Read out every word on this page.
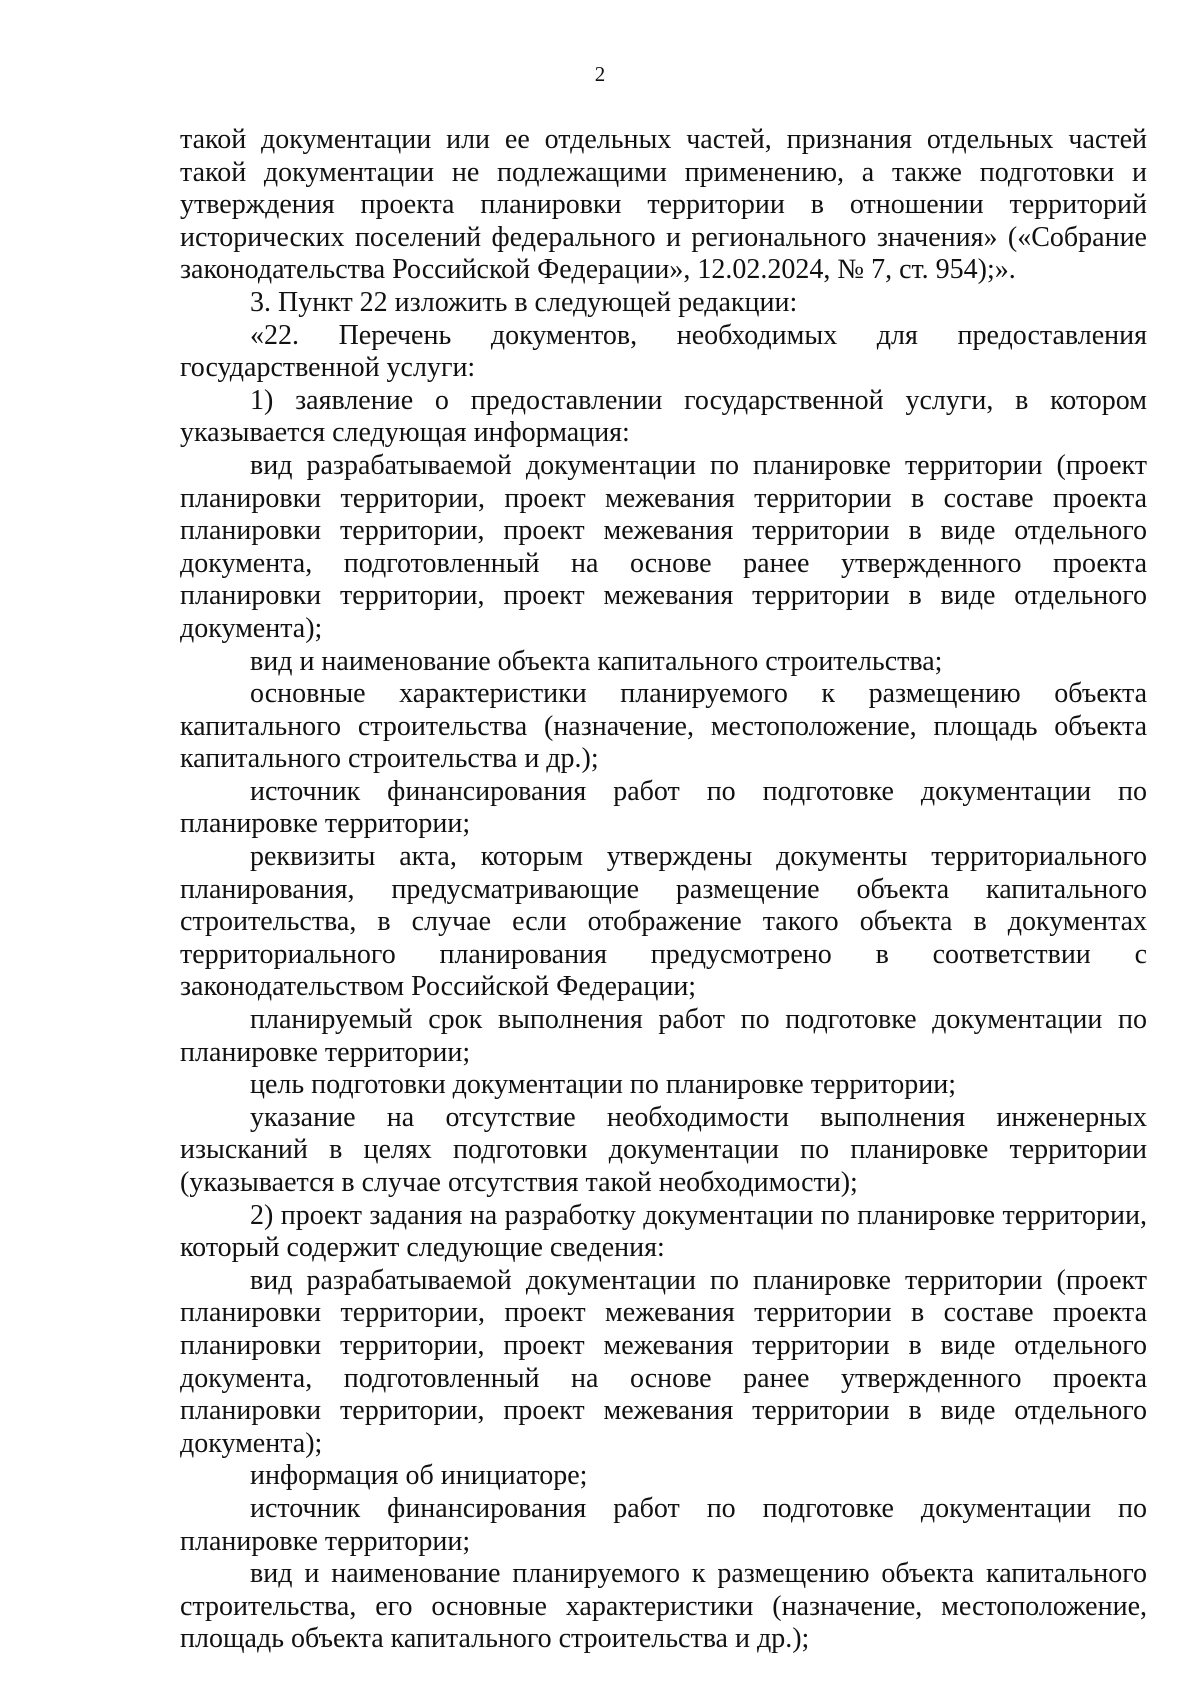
2

такой документации или ее отдельных частей, признания отдельных частей такой документации не подлежащими применению, а также подготовки и утверждения проекта планировки территории в отношении территорий исторических поселений федерального и регионального значения» («Собрание законодательства Российской Федерации», 12.02.2024, № 7, ст. 954);».

3. Пункт 22 изложить в следующей редакции:

«22. Перечень документов, необходимых для предоставления государственной услуги:

1) заявление о предоставлении государственной услуги, в котором указывается следующая информация:

вид разрабатываемой документации по планировке территории (проект планировки территории, проект межевания территории в составе проекта планировки территории, проект межевания территории в виде отдельного документа, подготовленный на основе ранее утвержденного проекта планировки территории, проект межевания территории в виде отдельного документа);

вид и наименование объекта капитального строительства;

основные характеристики планируемого к размещению объекта капитального строительства (назначение, местоположение, площадь объекта капитального строительства и др.);

источник финансирования работ по подготовке документации по планировке территории;

реквизиты акта, которым утверждены документы территориального планирования, предусматривающие размещение объекта капитального строительства, в случае если отображение такого объекта в документах территориального планирования предусмотрено в соответствии с законодательством Российской Федерации;

планируемый срок выполнения работ по подготовке документации по планировке территории;

цель подготовки документации по планировке территории;

указание на отсутствие необходимости выполнения инженерных изысканий в целях подготовки документации по планировке территории (указывается в случае отсутствия такой необходимости);

2) проект задания на разработку документации по планировке территории, который содержит следующие сведения:

вид разрабатываемой документации по планировке территории (проект планировки территории, проект межевания территории в составе проекта планировки территории, проект межевания территории в виде отдельного документа, подготовленный на основе ранее утвержденного проекта планировки территории, проект межевания территории в виде отдельного документа);

информация об инициаторе;

источник финансирования работ по подготовке документации по планировке территории;

вид и наименование планируемого к размещению объекта капитального строительства, его основные характеристики (назначение, местоположение, площадь объекта капитального строительства и др.);
